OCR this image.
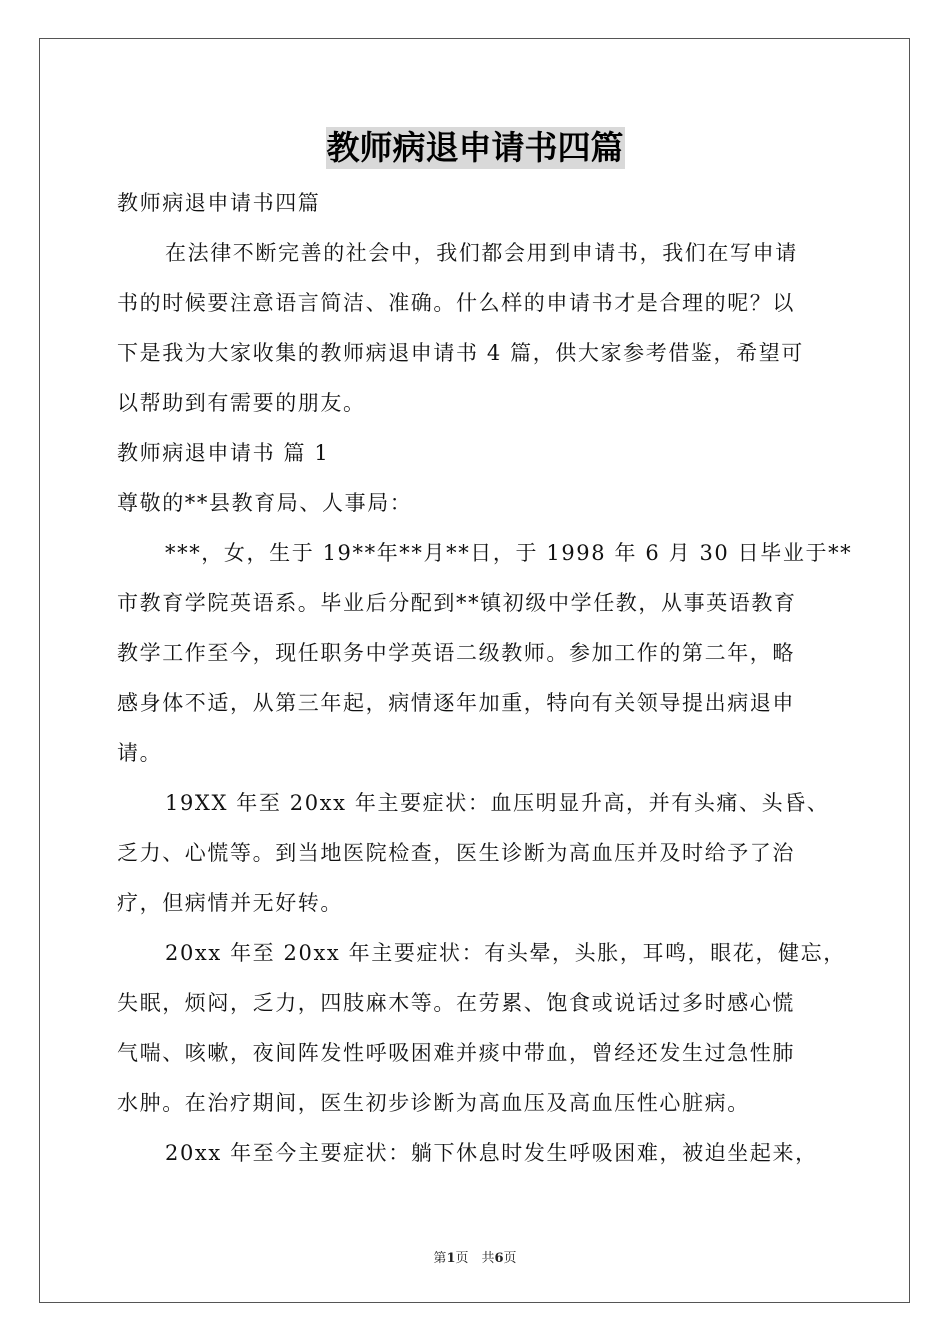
教师病退申请书四篇
教师病退申请书四篇
在法律不断完善的社会中，我们都会用到申请书，我们在写申请
书的时候要注意语言简洁、准确。什么样的申请书才是合理的呢？以
下是我为大家收集的教师病退申请书 4 篇，供大家参考借鉴，希望可
以帮助到有需要的朋友。
教师病退申请书 篇 1
尊敬的**县教育局、人事局：
***，女，生于 19**年**月**日，于 1998 年 6 月 30 日毕业于**
市教育学院英语系。毕业后分配到**镇初级中学任教，从事英语教育
教学工作至今，现任职务中学英语二级教师。参加工作的第二年，略
感身体不适，从第三年起，病情逐年加重，特向有关领导提出病退申
请。
19XX 年至 20xx 年主要症状：血压明显升高，并有头痛、头昏、
乏力、心慌等。到当地医院检查，医生诊断为高血压并及时给予了治
疗，但病情并无好转。
20xx 年至 20xx 年主要症状：有头晕，头胀，耳鸣，眼花，健忘，
失眠，烦闷，乏力，四肢麻木等。在劳累、饱食或说话过多时感心慌
气喘、咳嗽，夜间阵发性呼吸困难并痰中带血，曾经还发生过急性肺
水肿。在治疗期间，医生初步诊断为高血压及高血压性心脏病。
20xx 年至今主要症状：躺下休息时发生呼吸困难，被迫坐起来，
第1页　共6页
